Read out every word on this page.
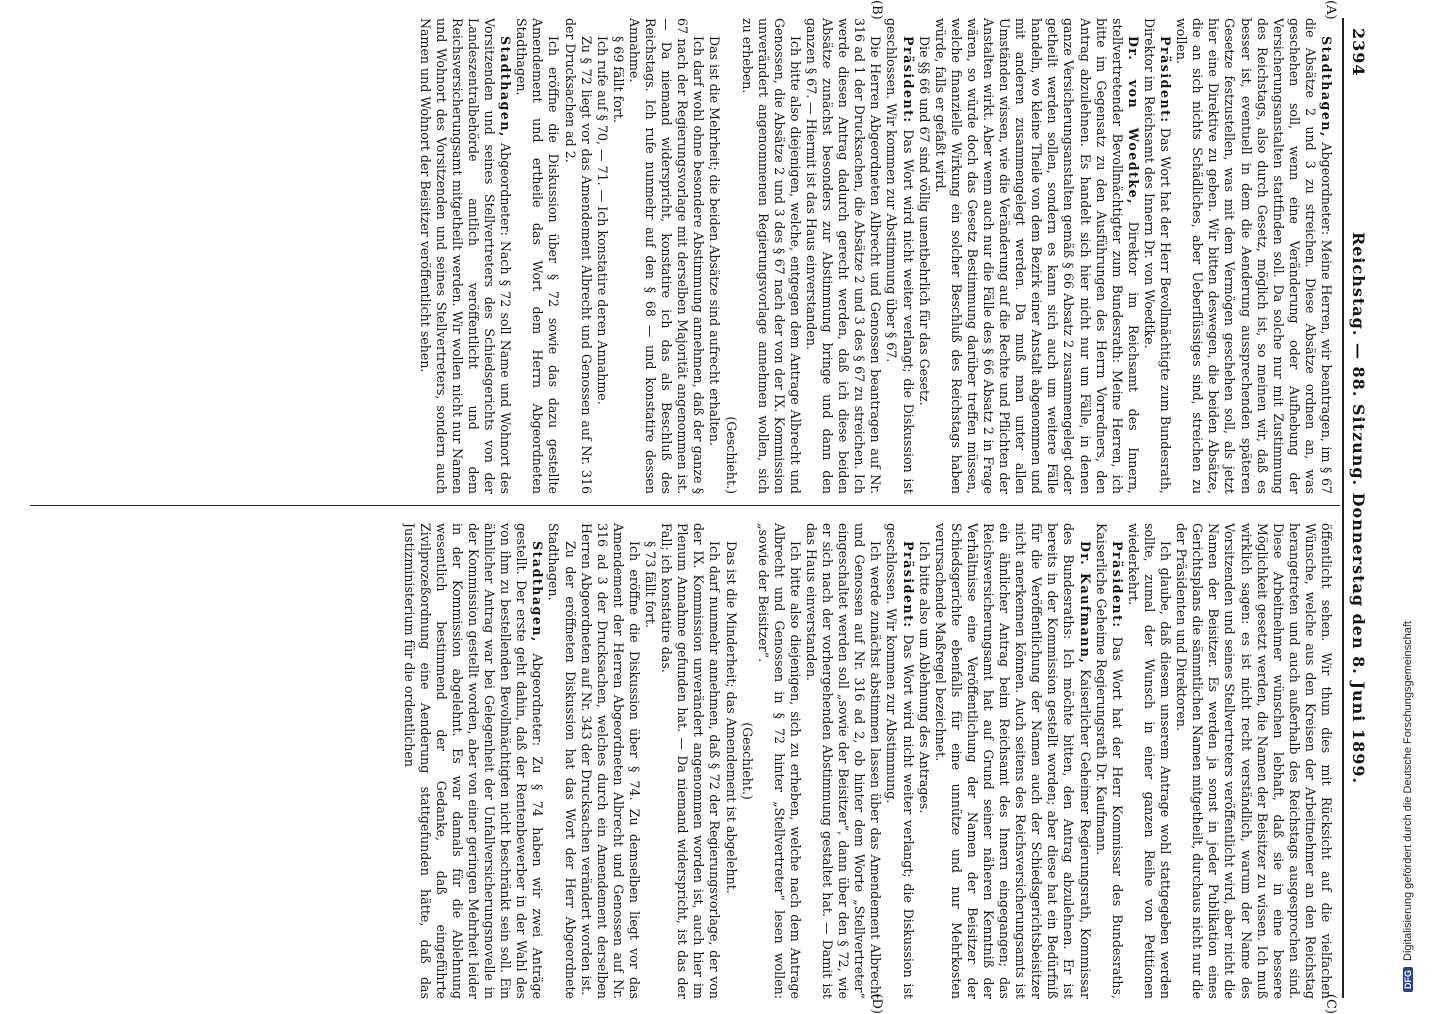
2394
Reichstag. — 88. Sitzung. Donnerstag den 8. Juni 1899.
(A)
(B)
(C)
(D)

Stadthagen, Abgeordneter: Meine Herren, wir beantragen, im § 67 die Absätze 2 und 3 zu streichen. Diese Absätze ordnen an, was geschehen soll, wenn eine Veränderung oder Aufhebung der Versicherungsanstalten stattfinden soll. Da solche nur mit Zustimmung des Reichstags, also durch Gesetz, möglich ist, so meinen wir, daß es besser ist, eventuell in dem die Aenderung aussprechenden späteren Gesetze festzustellen, was mit dem Vermögen geschehen soll, als jetzt hier eine Direktive zu geben. Wir bitten deswegen, die beiden Absätze, die an sich nichts Schädliches, aber Ueberflüssiges sind, streichen zu wollen.

Präsident: Das Wort hat der Herr Bevollmächtigte zum Bundesrath, Direktor im Reichsamt des Innern Dr. von Woedtke.

Dr. von Woedtke, Direktor im Reichsamt des Innern, stellvertretender Bevollmächtigter zum Bundesrath: Meine Herren, ich bitte im Gegensatz zu den Ausführungen des Herrn Vorredners, den Antrag abzulehnen. Es handelt sich hier nicht nur um Fälle, in denen ganze Versicherungsanstalten gemäß § 66 Absatz 2 zusammengelegt oder getheilt werden sollen, sondern es kann sich auch um weitere Fälle handeln, wo kleine Theile von dem Bezirk einer Anstalt abgenommen und mit anderen zusammengelegt werden. Da muß man unter allen Umständen wissen, wie die Veränderung auf die Rechte und Pflichten der Anstalten wirkt. Aber wenn auch nur die Fälle des § 66 Absatz 2 in Frage wären, so würde doch das Gesetz Bestimmung darüber treffen müssen, welche finanzielle Wirkung ein solcher Beschluß des Reichstags haben würde, falls er gefaßt wird.

Die §§ 66 und 67 sind völlig unentbehrlich für das Gesetz.

Präsident: Das Wort wird nicht weiter verlangt; die Diskussion ist geschlossen. Wir kommen zur Abstimmung über § 67.

Die Herren Abgeordneten Albrecht und Genossen beantragen auf Nr. 316 ad 1 der Drucksachen, die Absätze 2 und 3 des § 67 zu streichen. Ich werde diesen Antrag dadurch gerecht werden, daß ich diese beiden Absätze zunächst besonders zur Abstimmung bringe und dann den ganzen § 67. — Hiermit ist das Haus einverstanden.

Ich bitte also diejenigen, welche, entgegen dem Antrage Albrecht und Genossen, die Absätze 2 und 3 des § 67 nach der von der IX. Kommission unverändert angenommenen Regierungsvorlage annehmen wollen, sich zu erheben.

(Geschieht.)

Das ist die Mehrheit; die beiden Absätze sind aufrecht erhalten.

Ich darf wohl ohne besondere Abstimmung annehmen, daß der ganze § 67 nach der Regierungsvorlage mit derselben Majorität angenommen ist. — Da niemand widerspricht, konstatire ich das als Beschluß des Reichstags. Ich rufe nunmehr auf den § 68 — und konstatire dessen Annahme.

§ 69 fällt fort.

Ich rufe auf § 70, — 71. — Ich konstatire deren Annahme.

Zu § 72 liegt vor das Amendement Albrecht und Genossen auf Nr. 316 der Drucksachen ad 2.

Ich eröffne die Diskussion über § 72 sowie das dazu gestellte Amendement und ertheile das Wort dem Herrn Abgeordneten Stadthagen.

Stadthagen, Abgeordneter: Nach § 72 soll Name und Wohnort des Vorsitzenden und seines Stellvertreters des Schiedsgerichts von der Landeszentralbehörde amtlich veröffentlicht und dem Reichsversicherungsamt mitgetheilt werden. Wir wollen nicht nur Namen und Wohnort des Vorsitzenden und seines Stellvertreters, sondern auch Namen und Wohnort der Beisitzer veröffentlicht sehen.

öffentlicht sehen. Wir thun dies mit Rücksicht auf die vielfachen Wünsche, welche aus den Kreisen der Arbeitnehmer an den Reichstag herangetreten und auch außerhalb des Reichstags ausgesprochen sind. Diese Arbeitnehmer wünschen lebhaft, daß sie in eine bessere Möglichkeit gesetzt werden, die Namen der Beisitzer zu wissen. Ich muß wirklich sagen: es ist nicht recht verständlich, warum der Name des Vorsitzenden und seines Stellvertreters veröffentlicht wird, aber nicht die Namen der Beisitzer. Es werden ja sonst in jeder Publikation eines Gerichtsplans die sämmtlichen Namen mitgetheilt, durchaus nicht nur die der Präsidenten und Direktoren.

Ich glaube, daß diesem unserem Antrage wohl stattgegeben werden sollte, zumal der Wunsch in einer ganzen Reihe von Petitionen wiederkehrt.

Präsident: Das Wort hat der Herr Kommissar des Bundesraths, Kaiserliche Geheime Regierungsrath Dr. Kaufmann.

Dr. Kaufmann, Kaiserlicher Geheimer Regierungsrath, Kommissar des Bundesraths: Ich möchte bitten, den Antrag abzulehnen. Er ist bereits in der Kommission gestellt worden; aber diese hat ein Bedürfniß für die Veröffentlichung der Namen auch der Schiedsgerichtsbeisitzer nicht anerkennen können. Auch seitens des Reichsversicherungsamts ist ein ähnlicher Antrag beim Reichsamt des Innern eingegangen; das Reichsversicherungsamt hat auf Grund seiner näheren Kenntniß der Verhältnisse eine Veröffentlichung der Namen der Beisitzer der Schiedsgerichte ebenfalls für eine unnütze und nur Mehrkosten verursachende Maßregel bezeichnet.

Ich bitte also um Ablehnung des Antrages.

Präsident: Das Wort wird nicht weiter verlangt; die Diskussion ist geschlossen. Wir kommen zur Abstimmung.

Ich werde zunächst abstimmen lassen über das Amendement Albrecht und Genossen auf Nr. 316 ad 2, ob hinter dem Worte „Stellvertreter“ eingeschaltet werden soll „sowie der Beisitzer“, dann über den § 72, wie er sich nach der vorhergehenden Abstimmung gestaltet hat. — Damit ist das Haus einverstanden.

Ich bitte also diejenigen, sich zu erheben, welche nach dem Antrage Albrecht und Genossen in § 72 hinter „Stellvertreter“ lesen wollen: „sowie der Beisitzer“.

(Geschieht.)

Das ist die Minderheit; das Amendement ist abgelehnt.

Ich darf nunmehr annehmen, daß § 72 der Regierungsvorlage, der von der IX. Kommission unverändert angenommen worden ist, auch hier im Plenum Annahme gefunden hat. — Da niemand widerspricht, ist das der Fall; ich konstatire das.

§ 73 fällt fort.

Ich eröffne die Diskussion über § 74. Zu demselben liegt vor das Amendement der Herren Abgeordneten Albrecht und Genossen auf Nr. 316 ad 3 der Drucksachen, welches durch ein Amendement derselben Herren Abgeordneten auf Nr. 343 der Drucksachen verändert worden ist.

Zu der eröffneten Diskussion hat das Wort der Herr Abgeordnete Stadthagen.

Stadthagen, Abgeordneter: Zu § 74 haben wir zwei Anträge gestellt. Der erste geht dahin, daß der Rentenbewerber in der Wahl des von ihm zu bestellenden Bevollmächtigten nicht beschränkt sein soll. Ein ähnlicher Antrag war bei Gelegenheit der Unfallversicherungsnovelle in der Kommission gestellt worden, aber von einer geringen Mehrheit leider in der Kommission abgelehnt. Es war damals für die Ablehnung wesentlich bestimmend der Gedanke, daß eingeführte Zivilprozeßordnung eine Aenderung stattgefunden hätte, daß das Justizministerium für die ordentlichen

DFGDigitalisierung gefördert durch die Deutsche Forschungsgemeinschaft
